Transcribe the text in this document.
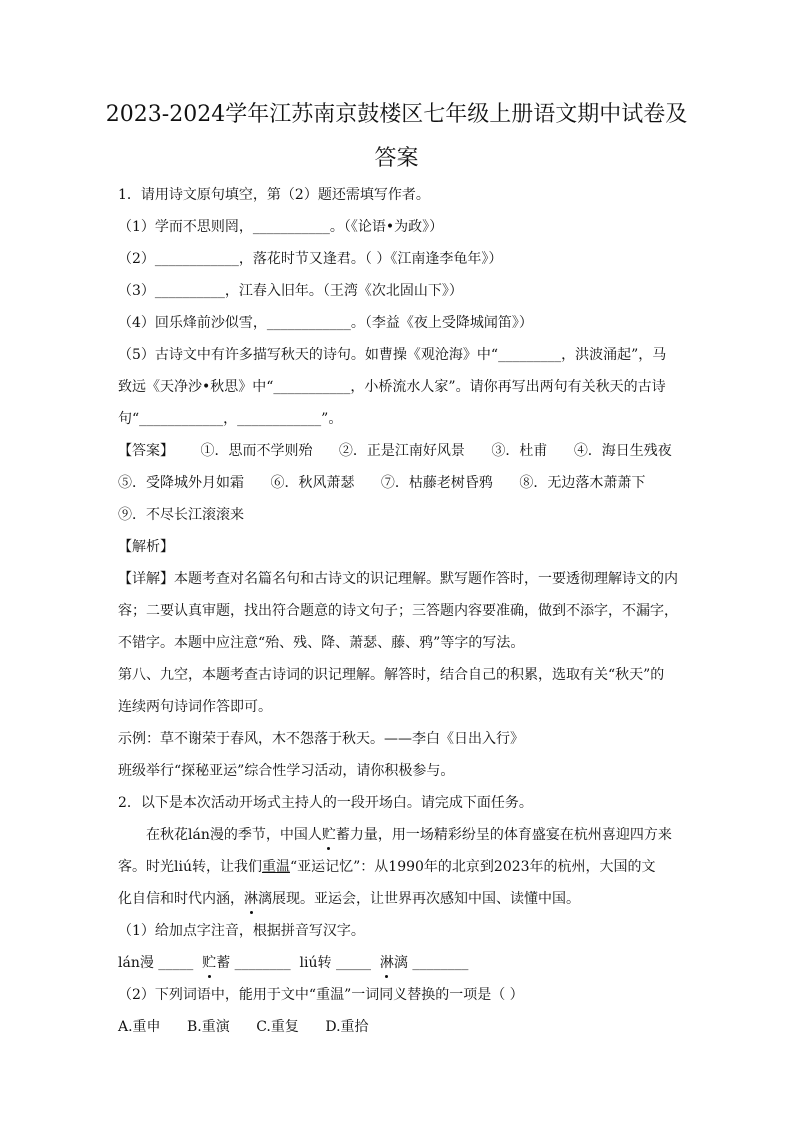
2023-2024学年江苏南京鼓楼区七年级上册语文期中试卷及
答案
1．请用诗文原句填空，第（2）题还需填写作者。
（1）学而不思则罔，___________。（《论语•为政》）
（2）____________，落花时节又逢君。（ ）《江南逢李龟年》）
（3）__________，江春入旧年。（王湾《次北固山下》）
（4）回乐烽前沙似雪，____________。（李益《夜上受降城闻笛》）
（5）古诗文中有许多描写秋天的诗句。如曹操《观沧海》中“_________，洪波涌起”，马
致远《天净沙•秋思》中“___________，小桥流水人家”。请你再写出两句有关秋天的古诗
句“____________，____________”。
【答案】 ①．思而不学则殆 ②．正是江南好风景 ③．杜甫 ④．海日生残夜
⑤．受降城外月如霜 ⑥．秋风萧瑟 ⑦．枯藤老树昏鸦 ⑧．无边落木萧萧下
⑨．不尽长江滚滚来
【解析】
【详解】本题考查对名篇名句和古诗文的识记理解。默写题作答时，一要透彻理解诗文的内
容；二要认真审题，找出符合题意的诗文句子；三答题内容要准确，做到不添字，不漏字，
不错字。本题中应注意“殆、残、降、萧瑟、藤、鸦”等字的写法。
第八、九空，本题考查古诗词的识记理解。解答时，结合自己的积累，选取有关“秋天”的
连续两句诗词作答即可。
示例：草不谢荣于春风，木不怨落于秋天。——李白《日出入行》
班级举行“探秘亚运”综合性学习活动，请你积极参与。
2．以下是本次活动开场式主持人的一段开场白。请完成下面任务。
在秋花lán漫的季节，中国人贮蓄力量，用一场精彩纷呈的体育盛宴在杭州喜迎四方来
客。时光liú转，让我们重温“亚运记忆”：从1990年的北京到2023年的杭州，大国的文
化自信和时代内涵，淋漓展现。亚运会，让世界再次感知中国、读懂中国。
（1）给加点字注音，根据拼音写汉字。
lán漫 _____  贮蓄 ________  liú转 _____  淋漓 ________
（2）下列词语中，能用于文中“重温”一词同义替换的一项是（ ）
A.重申 B.重演 C.重复 D.重拾
